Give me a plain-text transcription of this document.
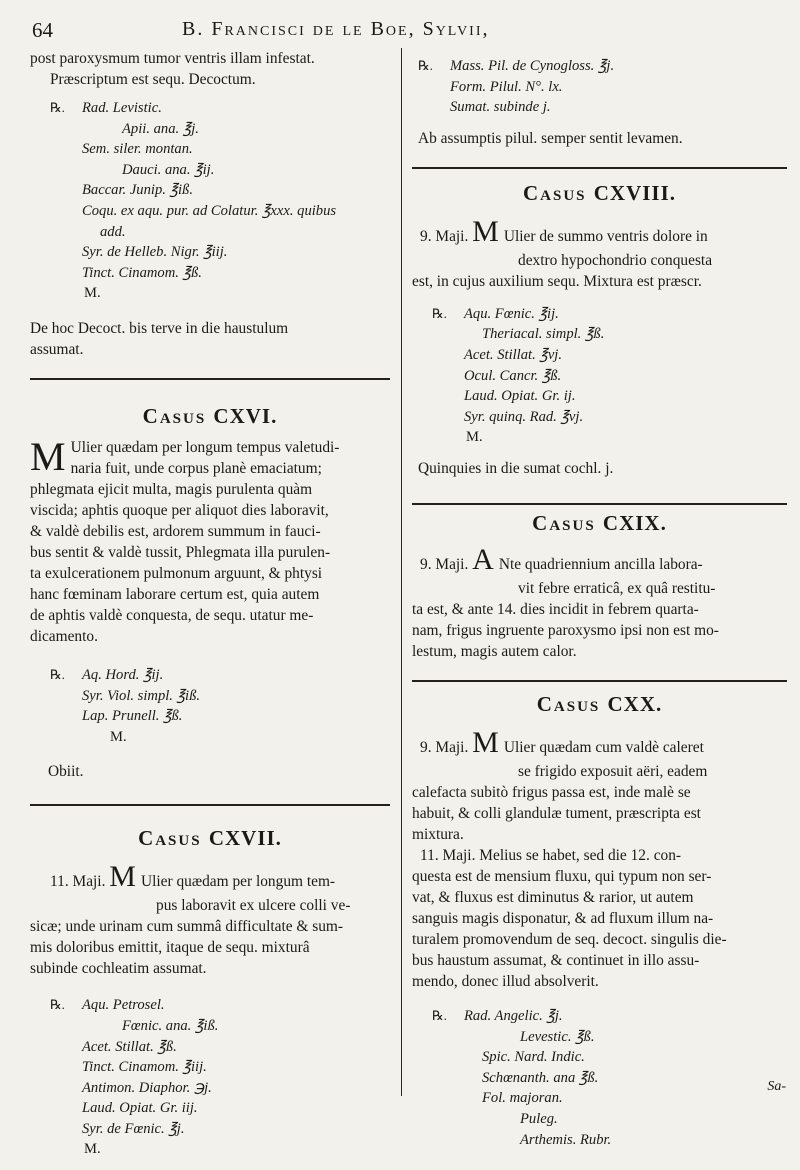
64	B. Francisci de le Boe, Sylvii,

post paroxysmum tumor ventris illam infestat.
Præscriptum est sequ. Decoctum.

℞. Rad. Levistic.
Apii. ana. ℥j.
Sem. siler. montan.
Dauci. ana. ℥ij.
Baccar. Junip. ℥iß.
Coqu. ex aqu. pur. ad Colatur. ℥xxx. quibus
add.
Syr. de Helleb. Nigr. ℥iij.
Tinct. Cinamom. ℥ß.
M.

De hoc Decoct. bis terve in die haustulum
assumat.

Casus CXVI.

M Ulier quædam per longum tempus valetudi-
naria fuit, unde corpus planè emaciatum;
phlegmata ejicit multa, magis purulenta quàm
viscida; aphtis quoque per aliquot dies laboravit,
& valdè debilis est, ardorem summum in fauci-
bus sentit & valdè tussit, Phlegmata illa purulen-
ta exulcerationem pulmonum arguunt, & phtysi
hanc fœminam laborare certum est, quia autem
de aphtis valdè conquesta, de sequ. utatur me-
dicamento.

℞. Aq. Hord. ℥ij.
Syr. Viol. simpl. ℥iß.
Lap. Prunell. ℥ß.
M.

Obiit.

Casus CXVII.

11. Maji. M Ulier quædam per longum tem-
pus laboravit ex ulcere colli ve-
sicæ; unde urinam cum summâ difficultate & sum-
mis doloribus emittit, itaque de sequ. mixturâ
subinde cochleatim assumat.

℞. Aqu. Petrosel.
Fœnic. ana. ℥iß.
Acet. Stillat. ℥ß.
Tinct. Cinamom. ℥iij.
Antimon. Diaphor. ℈j.
Laud. Opiat. Gr. iij.
Syr. de Fœnic. ℥j.
M.
℞. Mass. Pil. de Cynogloss. ℥j.
Form. Pilul. N°. lx.
Sumat. subinde j.

Ab assumptis pilul. semper sentit levamen.

Casus CXVIII.

9. Maji. M Ulier de summo ventris dolore in
dextro hypochondrio conquesta
est, in cujus auxilium sequ. Mixtura est præscr.

℞. Aqu. Fœnic. ℥ij.
Theriacal. simpl. ℥ß.
Acet. Stillat. ℥vj.
Ocul. Cancr. ℥ß.
Laud. Opiat. Gr. ij.
Syr. quinq. Rad. ℥vj.
M.

Quinquies in die sumat cochl. j.

Casus CXIX.

9. Maji. A Nte quadriennium ancilla labora-
vit febre erraticâ, ex quâ restitu-
ta est, & ante 14. dies incidit in febrem quarta-
nam, frigus ingruente paroxysmo ipsi non est mo-
lestum, magis autem calor.

Casus CXX.

9. Maji. M Ulier quædam cum valdè caleret
se frigido exposuit aëri, eadem
calefacta subitò frigus passa est, inde malè se
habuit, & colli glandulæ tument, præscripta est
mixtura.
11. Maji. Melius se habet, sed die 12. con-
questa est de mensium fluxu, qui typum non ser-
vat, & fluxus est diminutus & rarior, ut autem
sanguis magis disponatur, & ad fluxum illum na-
turalem promovendum de seq. decoct. singulis die-
bus haustum assumat, & continuet in illo assu-
mendo, donec illud absolverit.

℞. Rad. Angelic. ℥j.
Levestic. ℥ß.
Spic. Nard. Indic.
Schœnanth. ana ℥ß.
Fol. majoran.
Puleg.
Arthemis. Rubr.
Sa-
